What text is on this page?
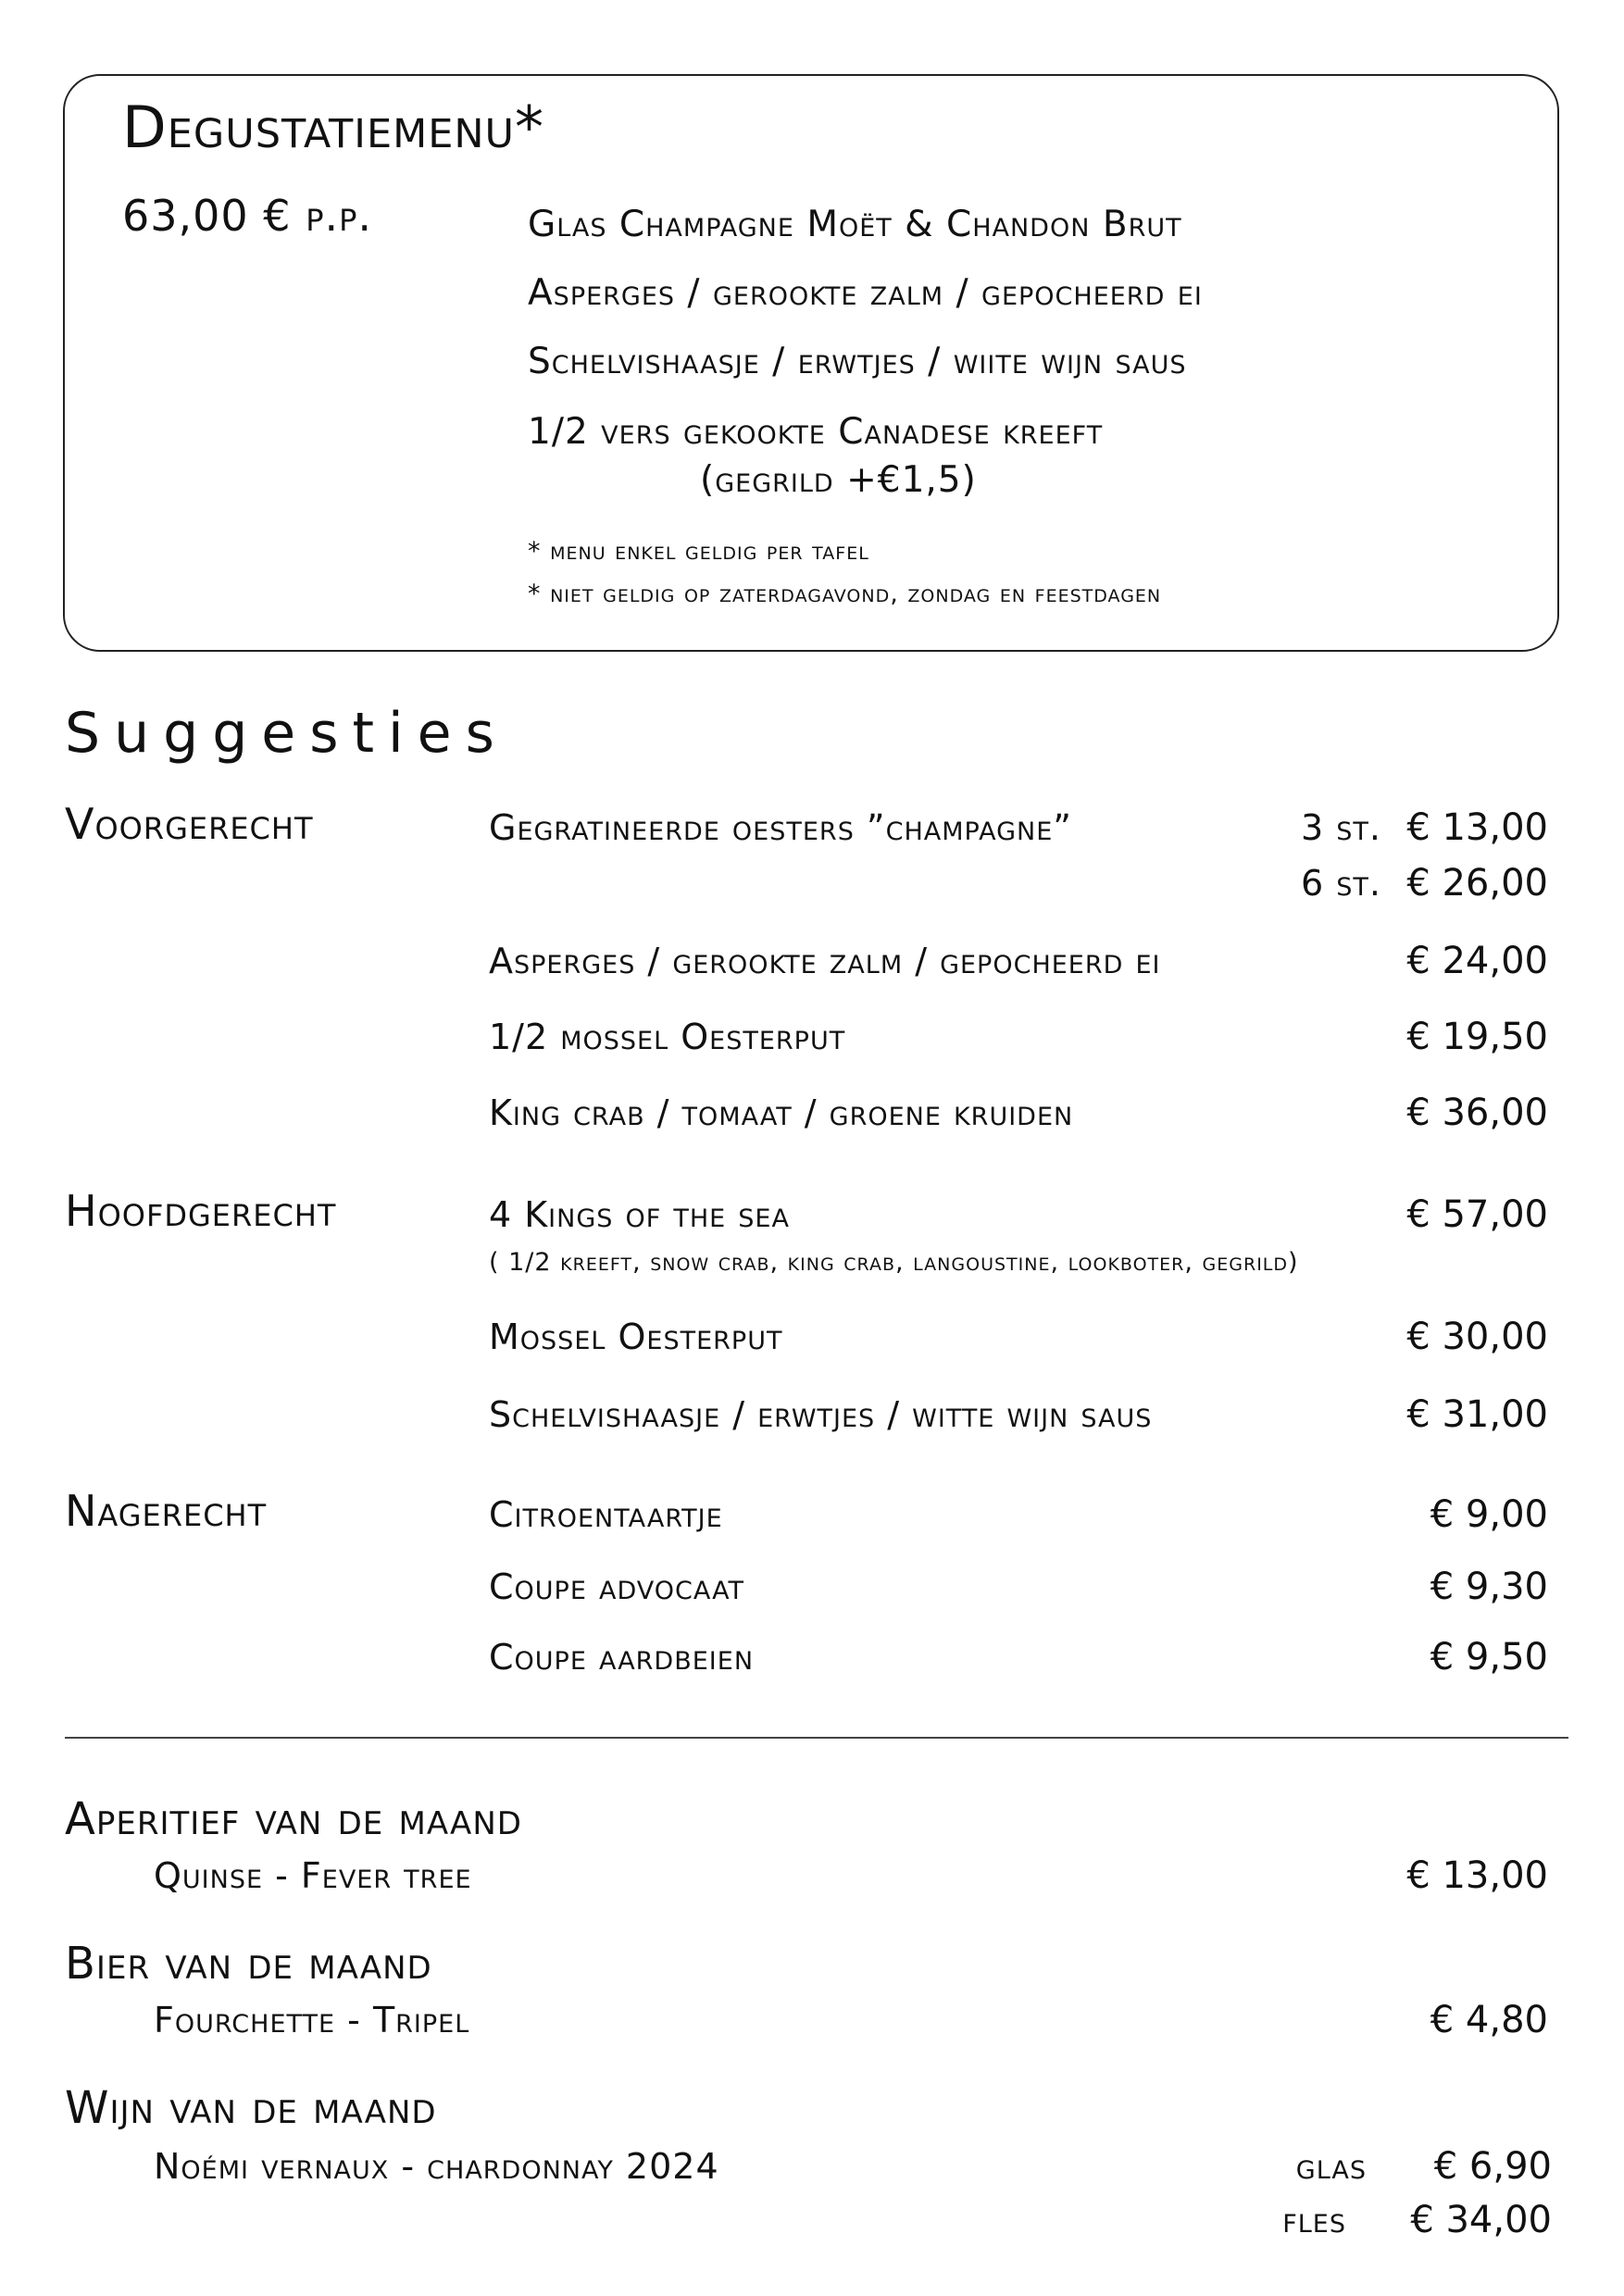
Degustatiemenu*
63,00 € p.p.	Glas Champagne Moët & Chandon Brut
Asperges / gerookte zalm / gepocheerd ei
Schelvishaasje / erwtjes / wiite wijn saus
1/2 vers gekookte Canadese kreeft
(gegrild +€1,5)
* menu enkel geldig per tafel
* niet geldig op zaterdagavond, zondag en feestdagen
Suggesties
Voorgerecht	Gegratineerde oesters ”champagne”	3 st. € 13,00
6 st. € 26,00
Asperges / gerookte zalm / gepocheerd ei	€ 24,00
1/2 mossel Oesterput	€ 19,50
King crab / tomaat / groene kruiden	€ 36,00
Hoofdgerecht	4 Kings of the sea	€ 57,00
( 1/2 kreeft, snow crab, king crab, langoustine, lookboter, gegrild)
Mossel Oesterput	€ 30,00
Schelvishaasje / erwtjes / witte wijn saus	€ 31,00
Nagerecht	Citroentaartje	€ 9,00
Coupe advocaat	€ 9,30
Coupe aardbeien	€ 9,50
Aperitief van de maand
Quinse - Fever tree	€ 13,00
Bier van de maand
Fourchette - Tripel	€ 4,80
Wijn van de maand
Noémi vernaux - chardonnay 2024	glas € 6,90
fles € 34,00
